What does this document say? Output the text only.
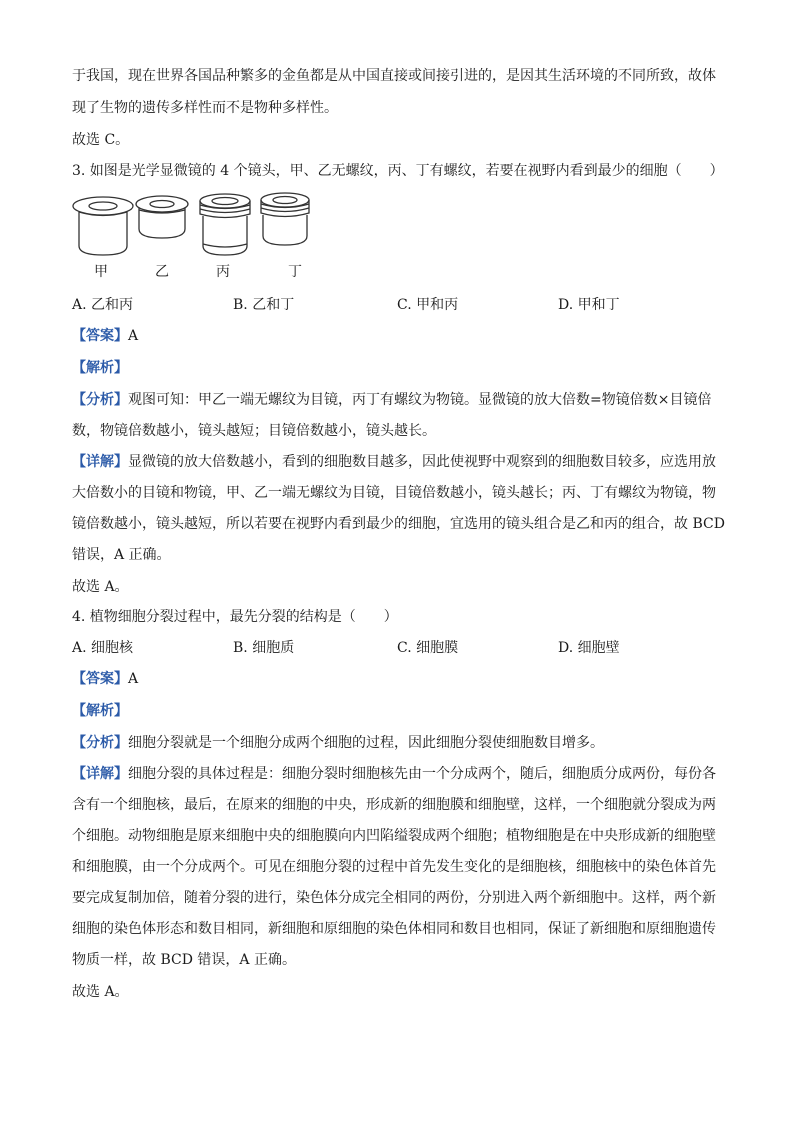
于我国，现在世界各国品种繁多的金鱼都是从中国直接或间接引进的，是因其生活环境的不同所致，故体
现了生物的遗传多样性而不是物种多样性。
故选 C。
3. 如图是光学显微镜的 4 个镜头，甲、乙无螺纹，丙、丁有螺纹，若要在视野内看到最少的细胞（　　）
甲	乙	丙	丁
A. 乙和丙	B. 乙和丁	C. 甲和丙	D. 甲和丁
【答案】A
【解析】
【分析】观图可知：甲乙一端无螺纹为目镜，丙丁有螺纹为物镜。显微镜的放大倍数=物镜倍数×目镜倍
数，物镜倍数越小，镜头越短；目镜倍数越小，镜头越长。
【详解】显微镜的放大倍数越小，看到的细胞数目越多，因此使视野中观察到的细胞数目较多，应选用放
大倍数小的目镜和物镜，甲、乙一端无螺纹为目镜，目镜倍数越小，镜头越长；丙、丁有螺纹为物镜，物
镜倍数越小，镜头越短，所以若要在视野内看到最少的细胞，宜选用的镜头组合是乙和丙的组合，故 BCD
错误，A 正确。
故选 A。
4. 植物细胞分裂过程中，最先分裂的结构是（　　）
A. 细胞核	B. 细胞质	C. 细胞膜	D. 细胞壁
【答案】A
【解析】
【分析】细胞分裂就是一个细胞分成两个细胞的过程，因此细胞分裂使细胞数目增多。
【详解】细胞分裂的具体过程是：细胞分裂时细胞核先由一个分成两个，随后，细胞质分成两份，每份各
含有一个细胞核，最后，在原来的细胞的中央，形成新的细胞膜和细胞壁，这样，一个细胞就分裂成为两
个细胞。动物细胞是原来细胞中央的细胞膜向内凹陷缢裂成两个细胞；植物细胞是在中央形成新的细胞壁
和细胞膜，由一个分成两个。可见在细胞分裂的过程中首先发生变化的是细胞核，细胞核中的染色体首先
要完成复制加倍，随着分裂的进行，染色体分成完全相同的两份，分别进入两个新细胞中。这样，两个新
细胞的染色体形态和数目相同，新细胞和原细胞的染色体相同和数目也相同，保证了新细胞和原细胞遗传
物质一样，故 BCD 错误，A 正确。
故选 A。
